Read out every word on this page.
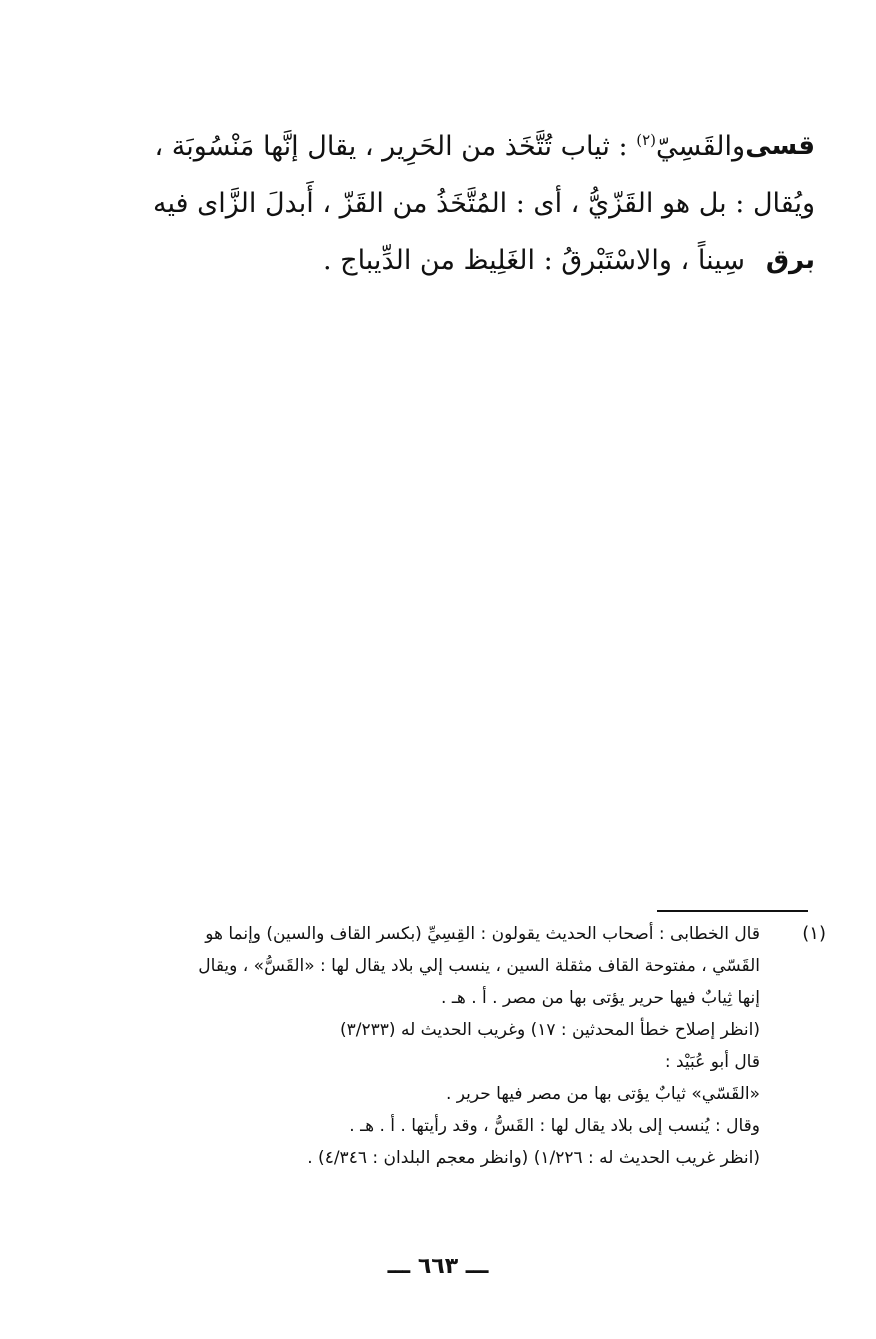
والقَسِيّ$^{(٢)}$ : ثياب تُتَّخَذ من الحَرِير ، يقال إنَّها مَنْسُوبَة ،	قسى
ويُقال : بل هو القَزّيُّ ، أى : المُتَّخَذُ من القَزّ ، أَبدلَ الزَّاى فيه
سِيناً ، والاسْتَبْرقُ : الغَلِيظ من الدِّيباج . برق
(١)
قال الخطابى : أصحاب الحديث يقولون : القِسِيِّ (بكسر القاف والسين) وإنما هو
القَسّي ، مفتوحة القاف مثقلة السين ، ينسب إلي بلاد يقال لها : «القَسُّ» ، ويقال
إنها ثِيابٌ فيها حرير يؤتى بها من مصر . أ . هـ .
(انظر إصلاح خطأ المحدثين : ١٧) وغريب الحديث له (٣/٢٣٣)
قال أبو عُبَيْد :
«القَسّي» ثيابٌ يؤتى بها من مصر فيها حرير .
وقال : يُنسب إلى بلاد يقال لها : القَسُّ ، وقد رأيتها . أ . هـ .
(انظر غريب الحديث له : ١/٢٢٦) (وانظر معجم البلدان : ٤/٣٤٦) .
ـــ ٦٦٣ ـــ
